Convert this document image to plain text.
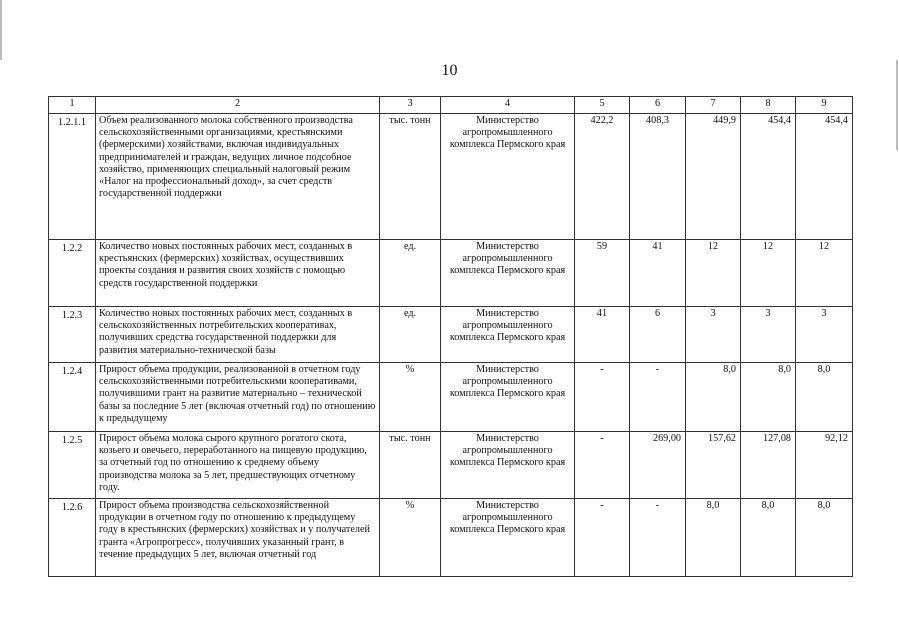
10
1	2	3	4	5	6	7	8	9
1.2.1.1	Объем реализованного молока собственного производства сельскохозяйственными организациями, крестьянскими (фермерскими) хозяйствами, включая индивидуальных предпринимателей и граждан, ведущих личное подсобное хозяйство, применяющих специальный налоговый режим «Налог на профессиональный доход», за счет средств государственной поддержки	тыс. тонн	Министерство агропромышленного комплекса Пермского края	422,2	408,3	449,9	454,4	454,4
1.2.2	Количество новых постоянных рабочих мест, созданных в крестьянских (фермерских) хозяйствах, осуществивших проекты создания и развития своих хозяйств с помощью средств государственной поддержки	ед.	Министерство агропромышленного комплекса Пермского края	59	41	12	12	12
1.2.3	Количество новых постоянных рабочих мест, созданных в сельскохозяйственных потребительских кооперативах, получивших средства государственной поддержки для развития материально-технической базы	ед.	Министерство агропромышленного комплекса Пермского края	41	6	3	3	3
1.2.4	Прирост объема продукции, реализованной в отчетном году сельскохозяйственными потребительскими кооперативами, получившими грант на развитие материально – технической базы за последние 5 лет (включая отчетный год) по отношению к предыдущему	%	Министерство агропромышленного комплекса Пермского края	-	-	8,0	8,0	8,0
1.2.5	Прирост объема молока сырого крупного рогатого скота, козьего и овечьего, переработанного на пищевую продукцию, за отчетный год по отношению к среднему объему производства молока за 5 лет, предшествующих отчетному году.	тыс. тонн	Министерство агропромышленного комплекса Пермского края	-	269,00	157,62	127,08	92,12
1.2.6	Прирост объема производства сельскохозяйственной продукции в отчетном году по отношению к предыдущему году в крестьянских (фермерских) хозяйствах и у получателей гранта «Агропрогресс», получивших указанный грант, в течение предыдущих 5 лет, включая отчетный год	%	Министерство агропромышленного комплекса Пермского края	-	-	8,0	8,0	8,0
